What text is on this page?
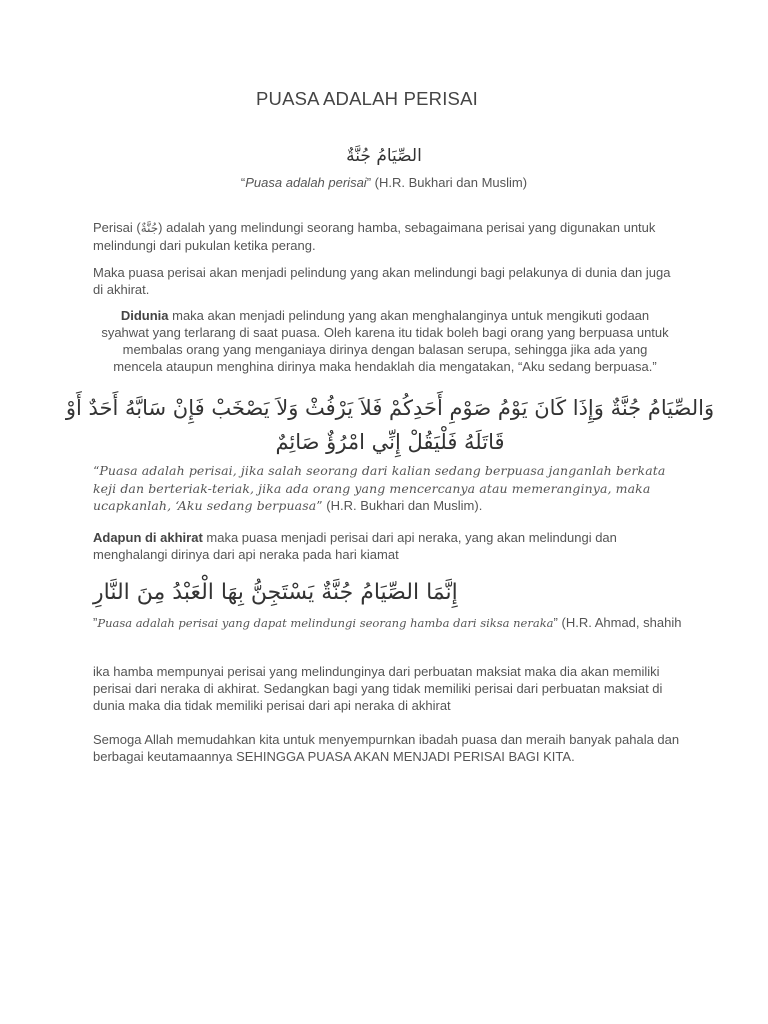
PUASA ADALAH PERISAI
الصِّيَامُ جُنَّةٌ
“Puasa adalah perisai” (H.R. Bukhari dan Muslim)
Perisai (جُنَّةٌ) adalah yang melindungi seorang hamba, sebagaimana perisai yang digunakan untuk melindungi dari pukulan ketika perang.
Maka puasa perisai akan menjadi pelindung yang akan melindungi bagi pelakunya di dunia dan juga di akhirat.
Didunia maka akan menjadi pelindung yang akan menghalanginya untuk mengikuti godaan syahwat yang terlarang di saat puasa. Oleh karena itu tidak boleh bagi orang yang berpuasa untuk membalas orang yang menganiaya dirinya dengan balasan serupa, sehingga jika ada yang mencela ataupun menghina dirinya maka hendaklah dia mengatakan, “Aku sedang berpuasa.”
وَالصِّيَامُ جُنَّةٌ وَإِذَا كَانَ يَوْمُ صَوْمِ أَحَدِكُمْ فَلاَ يَرْفُثْ وَلاَ يَصْخَبْ فَإِنْ سَابَّهُ أَحَدٌ أَوْ قَاتَلَهُ فَلْيَقُلْ إِنِّي امْرُؤٌ صَائِمٌ
“Puasa adalah perisai, jika salah seorang dari kalian sedang berpuasa janganlah berkata keji dan berteriak-teriak, jika ada orang yang mencercanya atau memeranginya, maka ucapkanlah, ‘Aku sedang berpuasa” (H.R. Bukhari dan Muslim).
Adapun di akhirat maka puasa menjadi perisai dari api neraka, yang akan melindungi dan menghalangi dirinya dari api neraka pada hari kiamat
إِنَّمَا الصِّيَامُ جُنَّةٌ يَسْتَجِنُّ بِهَا الْعَبْدُ مِنَ النَّارِ
”Puasa adalah perisai yang dapat melindungi seorang hamba dari siksa neraka” (H.R. Ahmad, shahih
ika hamba mempunyai perisai yang melindunginya dari perbuatan maksiat maka dia akan memiliki perisai dari neraka di akhirat. Sedangkan bagi yang tidak memiliki perisai dari perbuatan maksiat di dunia maka dia tidak memiliki perisai dari api neraka di akhirat
Semoga Allah memudahkan kita untuk menyempurnkan ibadah puasa dan meraih banyak pahala dan berbagai keutamaannya SEHINGGA PUASA AKAN MENJADI PERISAI BAGI KITA.
